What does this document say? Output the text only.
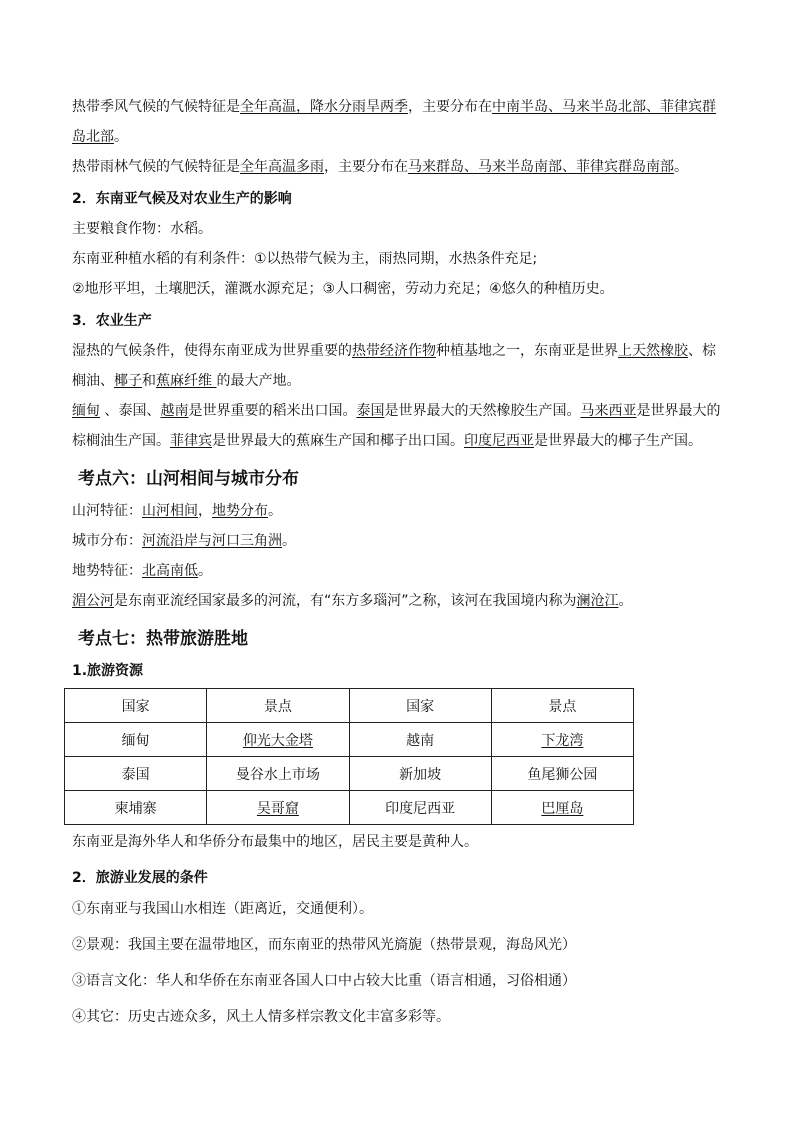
热带季风气候的气候特征是全年高温，降水分雨旱两季，主要分布在中南半岛、马来半岛北部、菲律宾群

岛北部。

热带雨林气候的气候特征是全年高温多雨，主要分布在马来群岛、马来半岛南部、菲律宾群岛南部。

2．东南亚气候及对农业生产的影响

主要粮食作物：水稻。

东南亚种植水稻的有利条件：①以热带气候为主，雨热同期，水热条件充足;

②地形平坦，土壤肥沃，灌溉水源充足；③人口稠密，劳动力充足；④悠久的种植历史。

3．农业生产

湿热的气候条件，使得东南亚成为世界重要的热带经济作物种植基地之一，东南亚是世界上天然橡胶、棕

榈油、椰子和蕉麻纤维 的最大产地。

缅甸 、泰国、越南是世界重要的稻米出口国。泰国是世界最大的天然橡胶生产国。马来西亚是世界最大的

棕榈油生产国。菲律宾是世界最大的蕉麻生产国和椰子出口国。印度尼西亚是世界最大的椰子生产国。

考点六：山河相间与城市分布

山河特征：山河相间，地势分布。

城市分布：河流沿岸与河口三角洲。

地势特征：北高南低。

湄公河是东南亚流经国家最多的河流，有“东方多瑙河”之称，该河在我国境内称为澜沧江。

考点七：热带旅游胜地
1.旅游资源
国家	景点	国家	景点
缅甸	仰光大金塔	越南	下龙湾
泰国	曼谷水上市场	新加坡	鱼尾狮公园
柬埔寨	吴哥窟	印度尼西亚	巴厘岛

东南亚是海外华人和华侨分布最集中的地区，居民主要是黄种人。

2．旅游业发展的条件

①东南亚与我国山水相连（距离近，交通便利）。

②景观：我国主要在温带地区，而东南亚的热带风光旖旎（热带景观，海岛风光）

③语言文化：华人和华侨在东南亚各国人口中占较大比重（语言相通，习俗相通）

④其它：历史古迹众多，风土人情多样宗教文化丰富多彩等。
